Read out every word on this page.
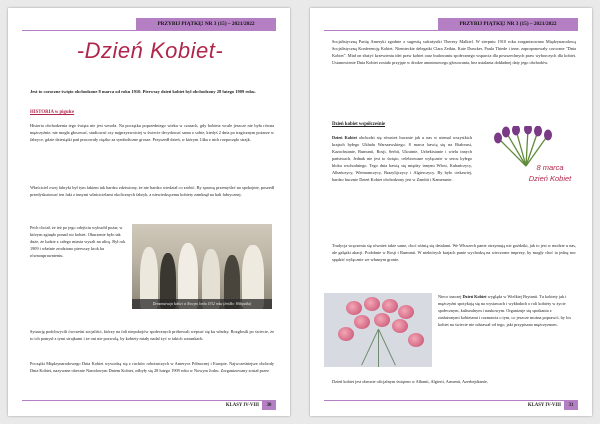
PRZYBIJ PIĄTKĘ! NR 3 (15) – 2021/2022
-Dzień Kobiet-

Jest to coroczne święto obchodzone 8 marca od roku 1910. Pierwszy dzień kobiet był obchodzony 28 lutego 1909 roku.

HISTORIA w pigułce

Historia obchodzenia tego święta nie jest wesoła. Na początku poprzedniego wieku w czasach, gdy kobieta wcale jeszcze nie była równa mężczyźnie, nie mogła głosować, studiować czy najprzyzwoiciej w świecie decydować sama o sobie, kiedyś 2 dnia po tragicznym pożarze w fabryce, gdzie dziesiątki pań pracowały ciężko za symboliczne grosze. Przyszedł dzień, w którym 14ka z nich rozpoczęło strajk.

Właściciel owej fabryki był tym faktem tak bardzo zdziwiony, że nie bardzo wiedział co zrobić. By sprawę przemyśleć na spokojnie, poszedł przedyskutować ten fakt z innymi właścicielami okolicznych fabryk, a niewiedzącemu kobiety zamknął na hali fabrycznej.

Pech chciał, że też po jego odejściu wybuchł pożar, w którym zginęło ponad sto kobiet. Oburzenie było tak duże, że ludzie z całego miasta wyszli na ulicę. Był rok 1909 i właśnie zrodziono pierwszy krok ku równouprawnieniu.

Demonstracja kobiet w Nowym Jorku 1912 roku (źródło: Wikipedia)

Sytuację podchwycili ówcześni socjaliści, którzy na fali niepokojów społecznych próbowali wepsuć się ku władzy. Rozgłosili po świecie, że to ich pomysł z tymi strajkami i że oni nie pozwolą, by kobiety miały nadal żyć w takich warunkach.

Początki Międzynarodowego Dnia Kobiet wywodzą się z ruchów robotniczych w Ameryce Północnej i Europie. Najwcześniejsze obchody Dnia Kobiet, nazywane obecnie Narodowym Dniem Kobiet, odbyły się 28 lutego 1909 roku w Nowym Jorku. Zorganizowany został przez

KLASY IV-VIII 30
PRZYBIJ PIĄTKĘ! NR 3 (15) – 2021/2022

Socjalistyczną Partię Ameryki zgodnie z sugestią sufrażystki Theresy Malkiel. W sierpniu 1910 roku zorganizowano Międzynarodową Socjalistyczną Konferencję Kobiet. Niemieckie delegatki Clara Zetkin, Kate Duncker, Paula Thiede i inne, zaproponowały coroczne "Dnia Kobiet". Miał on służyć krzewieniu idei praw kobiet oraz budowaniu społecznego wsparcia dla powszechnych praw wyborczych dla kobiet. Ustanowienie Dnia Kobiet zostało przyjęte w drodze anonimowego głosowania, bez ustalania dokładnej daty jego obchodów.

Dzień kobiet współcześnie

Dzień Kobiet obchodzi się również hucznie jak u nas w niemal wszystkich krajach byłego Układu Warszawskiego. 8 marca bawią się na Białorusi, Kazachstanie, Rumunii, Rosji, Serbii, Ukrainie, Uzbekistanie i wielu innych państwach. Jednak nie jest to święto, celebrowane wyłącznie w sercu byłego bloku wschodniego. Tego dnia bawią się między innymi Włosi, Kubańczycy, Albańczycy, Wietnamczycy, Brazylijczycy i Algierczycy. By było ciekawiej, bardzo hucznie Dzień Kobiet obchodzony jest w Zambii i Kamerunie.

8 marca
Dzień Kobiet

Tradycja wręczenia się również takie same, choć różnią się detalami. We Włoszech panie otrzymują nie goździki, jak to jest w modzie u nas, ale gałązki akacji. Podobnie w Rosji i Rumunii. W niektórych krajach panie wychodzą na wieczorne imprezy, by mogły choć ta jedną noc spędzić wyłącznie we własnym gronie.

Nieco inaczej Dzień Kobiet wygląda w Wielkiej Brytanii. Tu kobiety jak i mężczyźni spotykają się na wystawach i wykładach o roli kobiety w życie społecznym, kulturalnym i naukowym. Organizuje się spotkania z zasłużonymi kobietami i rozmawia o tym, co jeszcze można poprawić, by los kobiet na świecie nie odstawał od tego, jaki przypisano mężczyznom.

Dzień kobiet jest obecnie oficjalnym świętem w Albanii, Algierii, Armenii, Azerbejdżanie,

KLASY IV-VIII 31
